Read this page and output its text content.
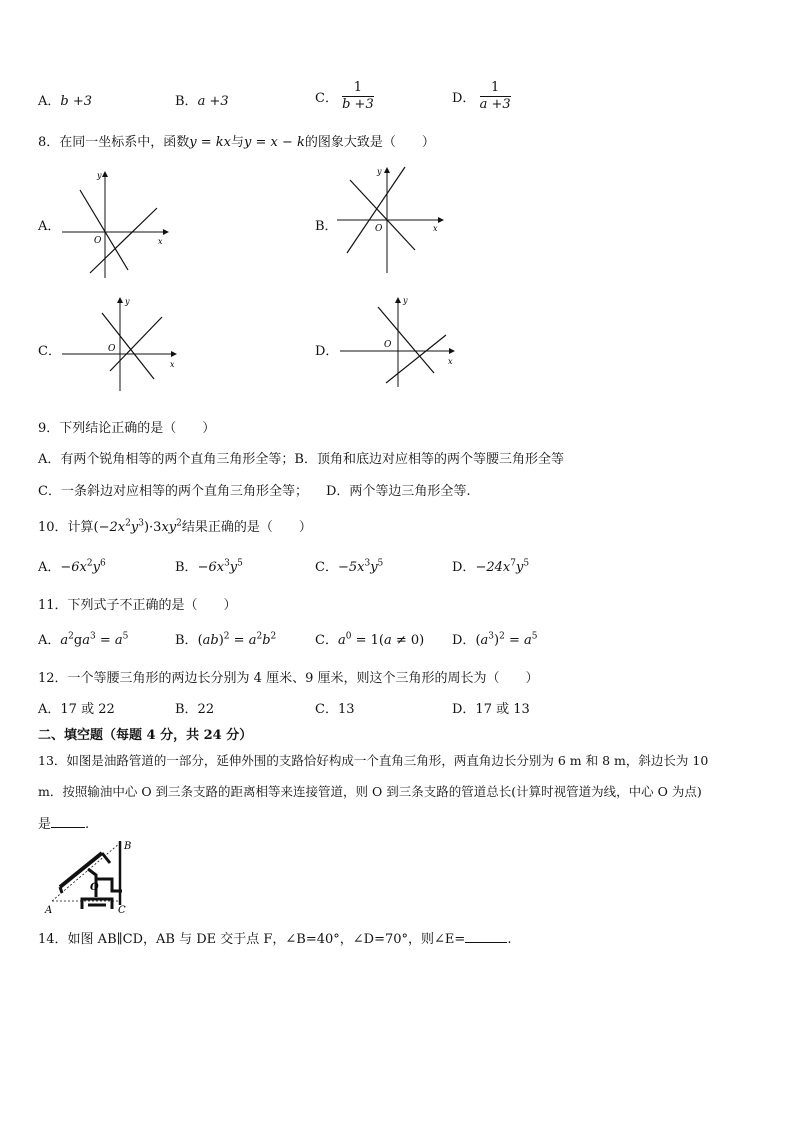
A．b +3	B．a +3	C． $\frac{1}{b +3}$	D． $\frac{1}{a +3}$
8．在同一坐标系中，函数y = kx与y = x − k的图象大致是（　　）
A．	B．
C．	D．
y
x
O
y
x
O
y
x
O
y
x
O
9．下列结论正确的是（　　）
A．有两个锐角相等的两个直角三角形全等；B．顶角和底边对应相等的两个等腰三角形全等
C．一条斜边对应相等的两个直角三角形全等； D．两个等边三角形全等.
10．计算$(-2x^2y^3)\cdot 3xy^2$结果正确的是（　　）
A．$-6x^2y^6$	B．$-6x^3y^5$	C．$-5x^3y^5$	D．$-24x^7y^5$
11．下列式子不正确的是（　　）
A．$a^2ga^3 = a^5$	B．$(ab)^2 = a^2b^2$	C．$a^0 = 1(a \ne 0)$ D．$(a^3)^2 = a^5$
12．一个等腰三角形的两边长分别为 4 厘米、9 厘米，则这个三角形的周长为（　　）
A．17 或 22	B．22	C．13	D．17 或 13
二、填空题（每题 4 分，共 24 分）
13．如图是油路管道的一部分，延伸外围的支路恰好构成一个直角三角形，两直角边长分别为 6 m 和 8 m，斜边长为 10
m．按照输油中心 O 到三条支路的距离相等来连接管道，则 O 到三条支路的管道总长(计算时视管道为线，中心 O 为点)
是	.
A
B
C
O
14．如图 AB∥CD，AB 与 DE 交于点 F，∠B=40°，∠D=70°，则∠E=	.
